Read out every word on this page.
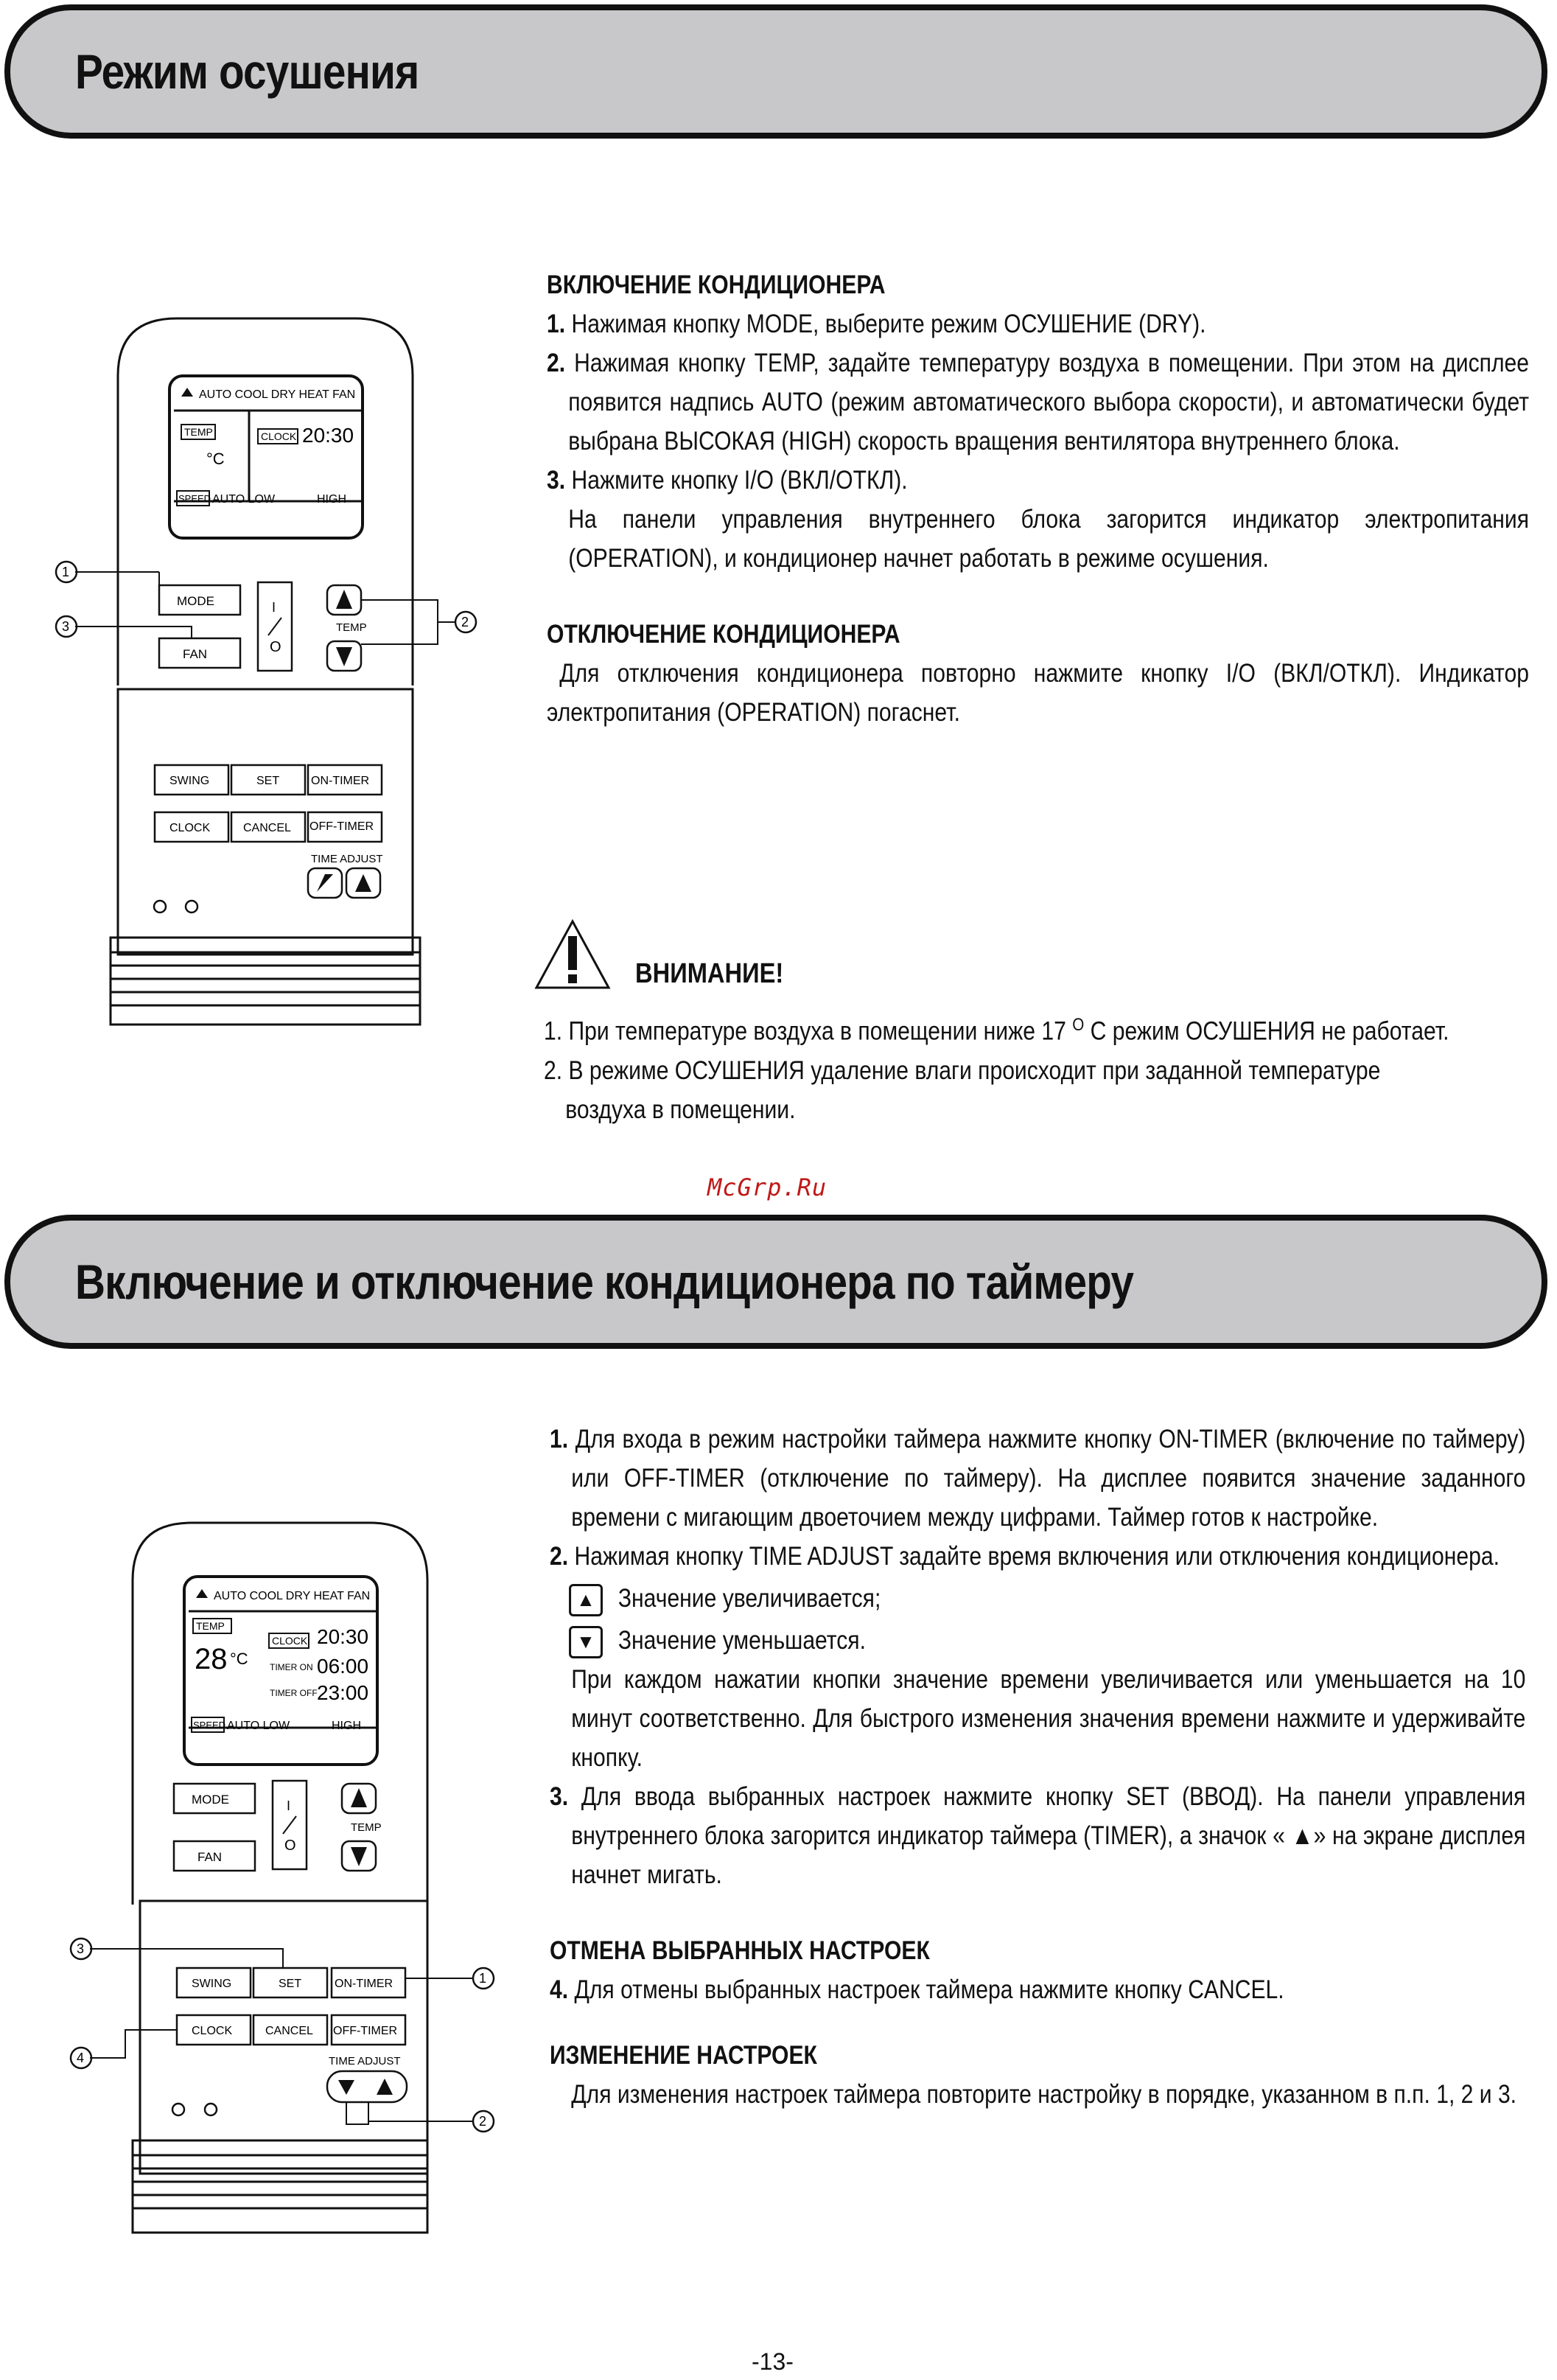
Режим осушения
AUTO COOL DRY HEAT FAN
TEMP
°C
CLOCK 20:30
SPEED AUTO LOW	HIGH
MODE
FAN
I
O
TEMP
SWING	SET	ON-TIMER
CLOCK	CANCEL OFF-TIMER
TIME ADJUST
1
3	2
ВКЛЮЧЕНИЕ КОНДИЦИОНЕРА

1. Нажимая кнопку MODE, выберите режим ОСУШЕНИЕ (DRY).

2. Нажимая кнопку TEMP, задайте температуру воздуха в помещении. При этом на дисплее появится надпись AUTO (режим автоматического выбора скорости), и автоматически будет выбрана ВЫСОКАЯ (HIGH) скорость вращения вентилятора внутреннего блока.

3. Нажмите кнопку I/O (ВКЛ/ОТКЛ).

На панели управления внутреннего блока загорится индикатор электропитания (OPERATION), и кондиционер начнет работать в режиме осушения.

ОТКЛЮЧЕНИЕ КОНДИЦИОНЕРА

Для отключения кондиционера повторно нажмите кнопку I/O (ВКЛ/ОТКЛ). Индикатор электропитания (OPERATION) погаснет.

ВНИМАНИЕ!

1. При температуре воздуха в помещении ниже 17 $^O$ С режим ОСУШЕНИЯ не работает.

2. В режиме ОСУШЕНИЯ удаление влаги происходит при заданной температуре воздуха в помещении.

McGrp.Ru
Включение и отключение кондиционера по таймеру
AUTO COOL DRY HEAT FAN
TEMP
28 °C
CLOCK 20:30
TIMER ON 06:00
TIMER OFF 23:00
SPEED AUTO LOW	HIGH
MODE
FAN
I
O
TEMP
SWING	SET	ON-TIMER
CLOCK	CANCEL OFF-TIMER
TIME ADJUST
3
1
4
2

1. Для входа в режим настройки таймера нажмите кнопку ON-TIMER (включение по таймеру) или OFF-TIMER (отключение по таймеру). На дисплее появится значение заданного времени с мигающим двоеточием между цифрами. Таймер готов к настройке.

2. Нажимая кнопку TIME ADJUST задайте время включения или отключения кондиционера.

▲ Значение увеличивается;
▼ Значение уменьшается.

При каждом нажатии кнопки значение времени увеличивается или уменьшается на 10 минут соответственно. Для быстрого изменения значения времени нажмите и удерживайте кнопку.

3. Для ввода выбранных настроек нажмите кнопку SET (ВВОД). На панели управления внутреннего блока загорится индикатор таймера (TIMER), а значок « ▲» на экране дисплея начнет мигать.

ОТМЕНА ВЫБРАННЫХ НАСТРОЕК

4. Для отмены выбранных настроек таймера нажмите кнопку CANCEL.

ИЗМЕНЕНИЕ НАСТРОЕК

Для изменения настроек таймера повторите настройку в порядке, указанном в п.п. 1, 2 и 3.

-13-
